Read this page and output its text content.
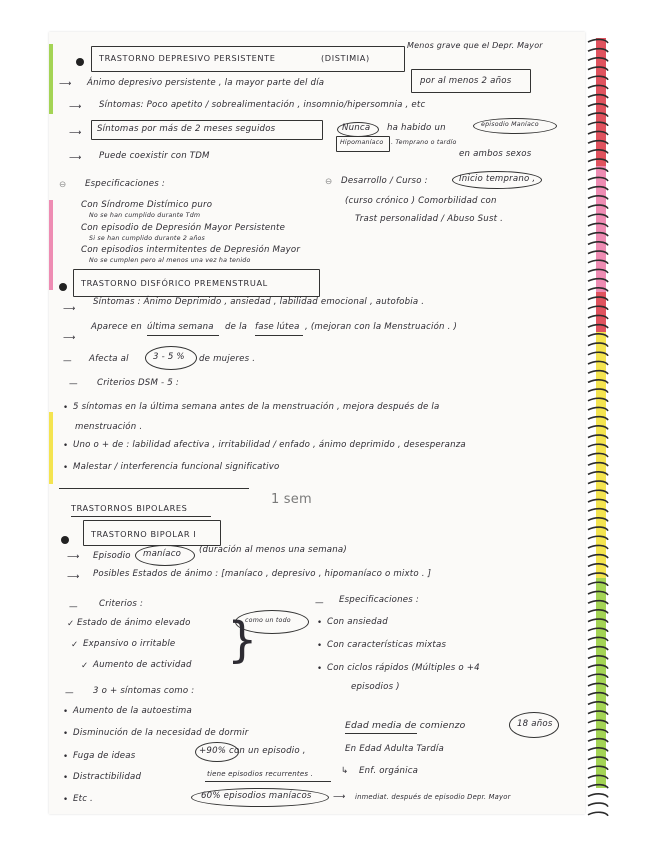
TRASTORNO DEPRESIVO PERSISTENTE	(DISTIMIA)
Menos grave que el Depr. Mayor
⟶ Ánimo depresivo persistente , la mayor parte del día	por al menos 2 años
⟶ Síntomas: Poco apetito / sobrealimentación , insomnio/hipersomnia , etc
⟶ Síntomas por más de 2 meses seguidos	Nunca ha habido un	episodio Maníaco
Hipomaníaco . Temprano o tardío
⟶ Puede coexistir con TDM	en ambos sexos
⊖ Especificaciones :
Con Síndrome Distímico puro
No se han cumplido durante Tdm
Con episodio de Depresión Mayor Persistente
Si se han cumplido durante 2 años
Con episodios intermitentes de Depresión Mayor
No se cumplen pero al menos una vez ha tenido
⊖ Desarrollo / Curso :	Inicio temprano ,
(curso crónico ) Comorbilidad con
Trast personalidad / Abuso Sust .
TRASTORNO DISFÓRICO PREMENSTRUAL
⟶
Síntomas : Ánimo Deprimido , ansiedad , labilidad emocional , autofobia .
⟶
Aparece en última semana de la fase lútea , (mejoran con la Menstruación . )
— Afecta al	3 - 5 % de mujeres .
— Criterios DSM - 5 :
• 5 síntomas en la última semana antes de la menstruación , mejora después de la
menstruación .
• Uno o + de : labilidad afectiva , irritabilidad / enfado , ánimo deprimido , desesperanza
• Malestar / interferencia funcional significativo
TRASTORNOS BIPOLARES
1 sem
TRASTORNO BIPOLAR I
⟶ Episodio maníaco (duración al menos una semana)
⟶ Posibles Estados de ánimo : [maníaco , depresivo , hipomaníaco o mixto . ]
— Criterios :	— Especificaciones :
✓ Estado de ánimo elevado	como un todo
✓ Expansivo o irritable
✓ Aumento de actividad }	• Con ansiedad
• Con características mixtas
• Con ciclos rápidos (Múltiples o +4
episodios )
— 3 o + síntomas como :
• Aumento de la autoestima
• Disminución de la necesidad de dormir
• Fuga de ideas
• Distractibilidad
• Etc .
+90% con un episodio ,
tiene episodios recurrentes .
60% episodios maníacos ⟶ inmediat. después de episodio Depr. Mayor
Edad media de comienzo	18 años
En Edad Adulta Tardía
↳ Enf. orgánica
